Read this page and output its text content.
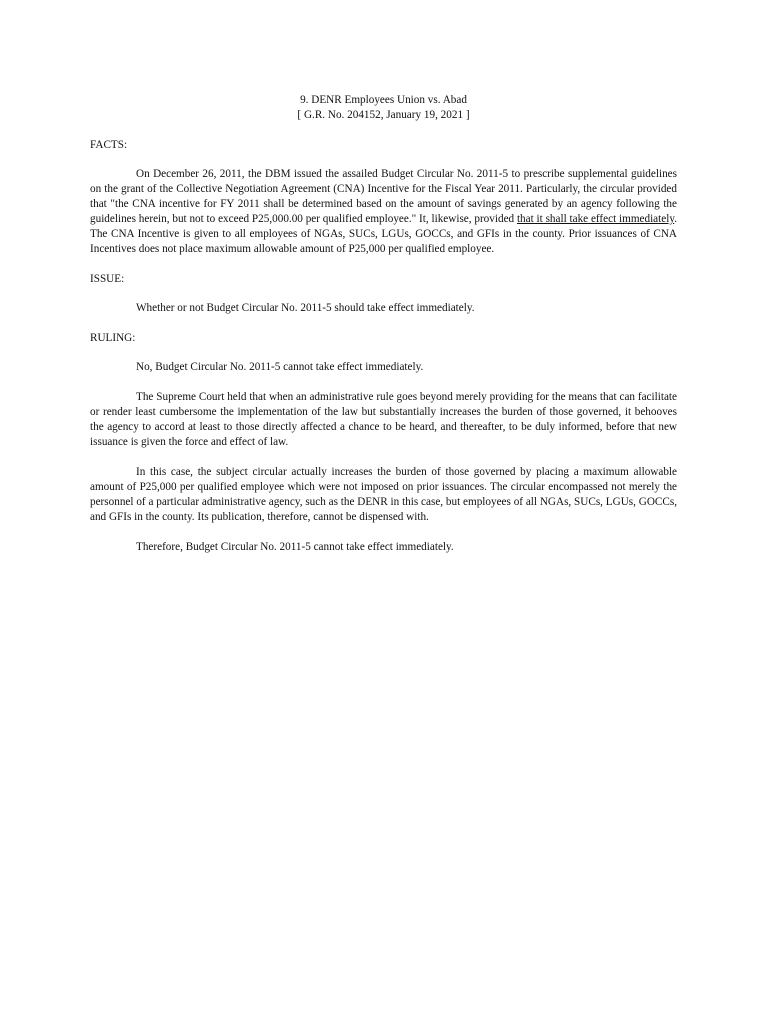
9. DENR Employees Union vs. Abad

[ G.R. No. 204152, January 19, 2021 ]

FACTS:

On December 26, 2011, the DBM issued the assailed Budget Circular No. 2011-5 to prescribe supplemental guidelines on the grant of the Collective Negotiation Agreement (CNA) Incentive for the Fiscal Year 2011. Particularly, the circular provided that "the CNA incentive for FY 2011 shall be determined based on the amount of savings generated by an agency following the guidelines herein, but not to exceed P25,000.00 per qualified employee." It, likewise, provided that it shall take effect immediately. The CNA Incentive is given to all employees of NGAs, SUCs, LGUs, GOCCs, and GFIs in the county. Prior issuances of CNA Incentives does not place maximum allowable amount of P25,000 per qualified employee.

ISSUE:

Whether or not Budget Circular No. 2011-5 should take effect immediately.

RULING:

No, Budget Circular No. 2011-5 cannot take effect immediately.

The Supreme Court held that when an administrative rule goes beyond merely providing for the means that can facilitate or render least cumbersome the implementation of the law but substantially increases the burden of those governed, it behooves the agency to accord at least to those directly affected a chance to be heard, and thereafter, to be duly informed, before that new issuance is given the force and effect of law.

In this case, the subject circular actually increases the burden of those governed by placing a maximum allowable amount of P25,000 per qualified employee which were not imposed on prior issuances. The circular encompassed not merely the personnel of a particular administrative agency, such as the DENR in this case, but employees of all NGAs, SUCs, LGUs, GOCCs, and GFIs in the county. Its publication, therefore, cannot be dispensed with.

Therefore, Budget Circular No. 2011-5 cannot take effect immediately.
